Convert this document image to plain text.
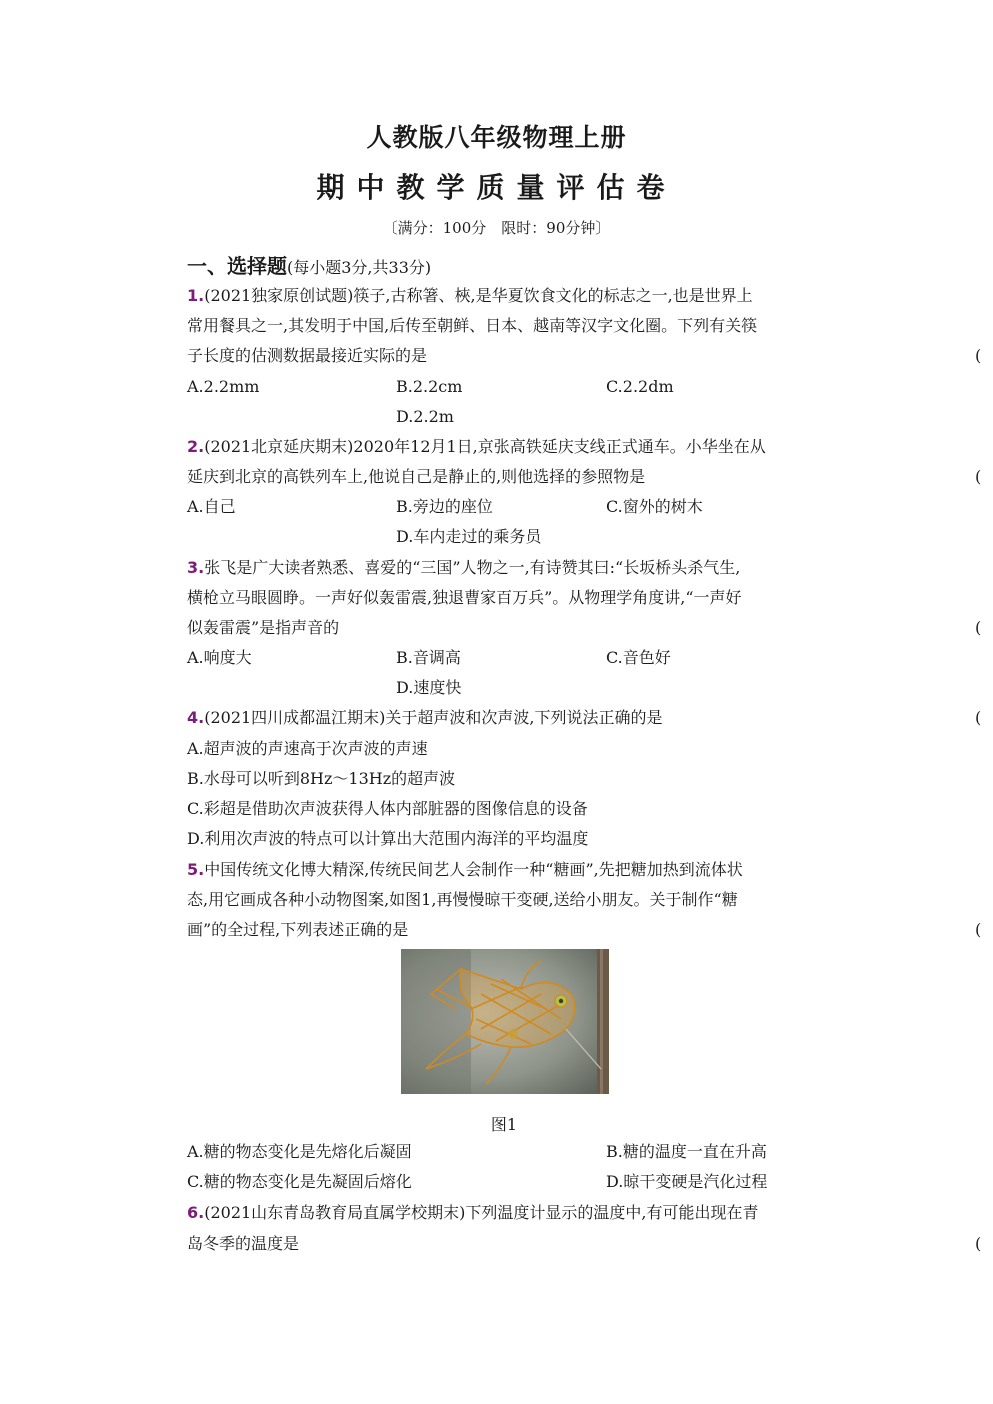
人教版八年级物理上册
期中教学质量评估卷
〔满分：100分　限时：90分钟〕
一、选择题(每小题3分,共33分)
1.(2021独家原创试题)筷子,古称箸、梜,是华夏饮食文化的标志之一,也是世界上
常用餐具之一,其发明于中国,后传至朝鲜、日本、越南等汉字文化圈。下列有关筷
子长度的估测数据最接近实际的是	(
A.2.2mm	B.2.2cm	C.2.2dm
D.2.2m
2.(2021北京延庆期末)2020年12月1日,京张高铁延庆支线正式通车。小华坐在从
延庆到北京的高铁列车上,他说自己是静止的,则他选择的参照物是	(
A.自己	B.旁边的座位	C.窗外的树木
D.车内走过的乘务员
3.张飞是广大读者熟悉、喜爱的“三国”人物之一,有诗赞其曰:“长坂桥头杀气生,
横枪立马眼圆睁。一声好似轰雷震,独退曹家百万兵”。从物理学角度讲,“一声好
似轰雷震”是指声音的	(
A.响度大	B.音调高	C.音色好
D.速度快
4.(2021四川成都温江期末)关于超声波和次声波,下列说法正确的是	(
A.超声波的声速高于次声波的声速
B.水母可以听到8Hz～13Hz的超声波
C.彩超是借助次声波获得人体内部脏器的图像信息的设备
D.利用次声波的特点可以计算出大范围内海洋的平均温度
5.中国传统文化博大精深,传统民间艺人会制作一种“糖画”,先把糖加热到流体状
态,用它画成各种小动物图案,如图1,再慢慢晾干变硬,送给小朋友。关于制作“糖
画”的全过程,下列表述正确的是	(
图1
A.糖的物态变化是先熔化后凝固	B.糖的温度一直在升高
C.糖的物态变化是先凝固后熔化	D.晾干变硬是汽化过程
6.(2021山东青岛教育局直属学校期末)下列温度计显示的温度中,有可能出现在青
岛冬季的温度是	(
